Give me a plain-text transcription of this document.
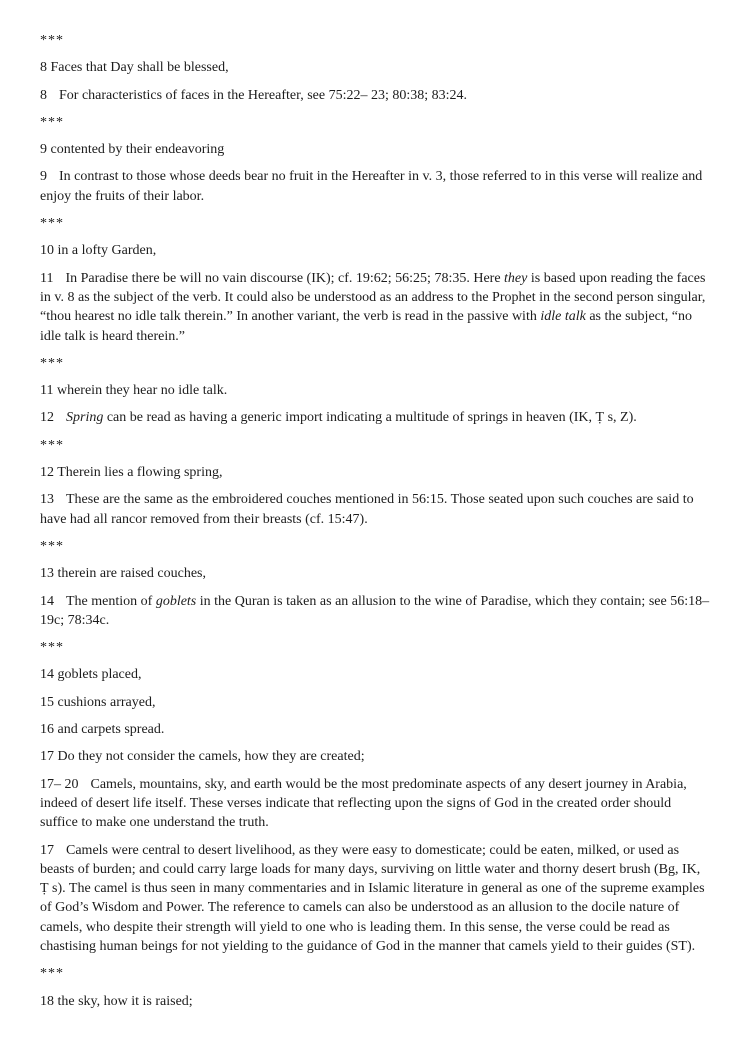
***

8 Faces that Day shall be blessed,

8 For characteristics of faces in the Hereafter, see 75:22– 23; 80:38; 83:24.

***

9 contented by their endeavoring

9 In contrast to those whose deeds bear no fruit in the Hereafter in v. 3, those referred to in this verse will realize and enjoy the fruits of their labor.

***

10 in a lofty Garden,

11 In Paradise there be will no vain discourse (IK); cf. 19:62; 56:25; 78:35. Here they is based upon reading the faces in v. 8 as the subject of the verb. It could also be understood as an address to the Prophet in the second person singular, “thou hearest no idle talk therein.” In another variant, the verb is read in the passive with idle talk as the subject, “no idle talk is heard therein.”

***

11 wherein they hear no idle talk.

12 Spring can be read as having a generic import indicating a multitude of springs in heaven (IK, Ṭ s, Z).

***

12 Therein lies a flowing spring,

13 These are the same as the embroidered couches mentioned in 56:15. Those seated upon such couches are said to have had all rancor removed from their breasts (cf. 15:47).

***

13 therein are raised couches,

14 The mention of goblets in the Quran is taken as an allusion to the wine of Paradise, which they contain; see 56:18– 19c; 78:34c.

***

14 goblets placed,

15 cushions arrayed,

16 and carpets spread.

17 Do they not consider the camels, how they are created;

17– 20 Camels, mountains, sky, and earth would be the most predominate aspects of any desert journey in Arabia, indeed of desert life itself. These verses indicate that reflecting upon the signs of God in the created order should suffice to make one understand the truth.

17 Camels were central to desert livelihood, as they were easy to domesticate; could be eaten, milked, or used as beasts of burden; and could carry large loads for many days, surviving on little water and thorny desert brush (Bg, IK, Ṭ s). The camel is thus seen in many commentaries and in Islamic literature in general as one of the supreme examples of God’s Wisdom and Power. The reference to camels can also be understood as an allusion to the docile nature of camels, who despite their strength will yield to one who is leading them. In this sense, the verse could be read as chastising human beings for not yielding to the guidance of God in the manner that camels yield to their guides (ST).

***

18 the sky, how it is raised;
